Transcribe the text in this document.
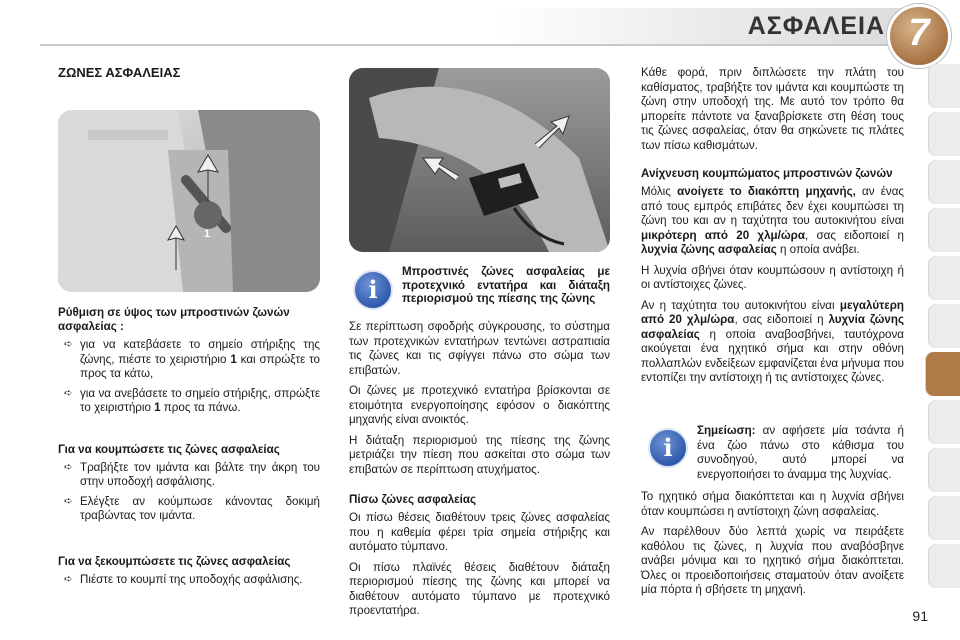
ΑΣΦΑΛΕΙΑ 7
ΖΩΝΕΣ ΑΣΦΑΛΕΙΑΣ
1
Ρύθμιση σε ύψος των μπροστινών ζωνών ασφαλείας :
➪ για να κατεβάσετε το σημείο στήριξης της ζώνης, πιέστε το χειριστήριο 1 και σπρώξτε το προς τα κάτω,
➪ για να ανεβάσετε το σημείο στήριξης, σπρώξτε το χειριστήριο 1 προς τα πάνω.
Για να κουμπώσετε τις ζώνες ασφαλείας
➪ Τραβήξτε τον ιμάντα και βάλτε την άκρη του στην υποδοχή ασφάλισης.
➪ Ελέγξτε αν κούμπωσε κάνοντας δοκιμή τραβώντας τον ιμάντα.
Για να ξεκουμπώσετε τις ζώνες ασφαλείας
➪ Πιέστε το κουμπί της υποδοχής ασφάλισης.
i
Μπροστινές ζώνες ασφαλείας με προτεχνικό εντατήρα και διάταξη περιορισμού της πίεσης της ζώνης

Σε περίπτωση σφοδρής σύγκρουσης, το σύστημα των προτεχνικών εντατήρων τεντώνει αστραπιαία τις ζώνες και τις σφίγγει πάνω στο σώμα των επιβατών.

Οι ζώνες με προτεχνικό εντατήρα βρίσκονται σε ετοιμότητα ενεργοποίησης εφόσον ο διακόπτης μηχανής είναι ανοικτός.

Η διάταξη περιορισμού της πίεσης της ζώνης μετριάζει την πίεση που ασκείται στο σώμα των επιβατών σε περίπτωση ατυχήματος.

Πίσω ζώνες ασφαλείας

Οι πίσω θέσεις διαθέτουν τρεις ζώνες ασφαλείας που η καθεμία φέρει τρία σημεία στήριξης και αυτόματο τύμπανο.

Οι πίσω πλαϊνές θέσεις διαθέτουν διάταξη περιορισμού πίεσης της ζώνης και μπορεί να διαθέτουν αυτόματο τύμπανο με προτεχνικό προεντατήρα.

Κάθε φορά, πριν διπλώσετε την πλάτη του καθίσματος, τραβήξτε τον ιμάντα και κουμπώστε τη ζώνη στην υποδοχή της. Με αυτό τον τρόπο θα μπορείτε πάντοτε να ξαναβρίσκετε στη θέση τους τις ζώνες ασφαλείας, όταν θα σηκώνετε τις πλάτες των πίσω καθισμάτων.

Ανίχνευση κουμπώματος μπροστινών ζωνών

Μόλις ανοίγετε το διακόπτη μηχανής, αν ένας από τους εμπρός επιβάτες δεν έχει κουμπώσει τη ζώνη του και αν η ταχύτητα του αυτοκινήτου είναι μικρότερη από 20 χλμ/ώρα, σας ειδοποιεί η λυχνία ζώνης ασφαλείας η οποία ανάβει.

Η λυχνία σβήνει όταν κουμπώσουν η αντίστοιχη ή οι αντίστοιχες ζώνες.

Αν η ταχύτητα του αυτοκινήτου είναι μεγαλύτερη από 20 χλμ/ώρα, σας ειδοποιεί η λυχνία ζώνης ασφαλείας η οποία αναβοσβήνει, ταυτόχρονα ακούγεται ένα ηχητικό σήμα και στην οθόνη πολλαπλών ενδείξεων εμφανίζεται ένα μήνυμα που εντοπίζει την αντίστοιχη ή τις αντίστοιχες ζώνες.

i

Σημείωση: αν αφήσετε μία τσάντα ή ένα ζώο πάνω στο κάθισμα του συνοδηγού, αυτό μπορεί να ενεργοποιήσει το άναμμα της λυχνίας.

Το ηχητικό σήμα διακόπτεται και η λυχνία σβήνει όταν κουμπώσει η αντίστοιχη ζώνη ασφαλείας.

Αν παρέλθουν δύο λεπτά χωρίς να πειράξετε καθόλου τις ζώνες, η λυχνία που αναβόσβηνε ανάβει μόνιμα και το ηχητικό σήμα διακόπτεται. Όλες οι προειδοποιήσεις σταματούν όταν ανοίξετε μία πόρτα ή σβήσετε τη μηχανή.

91
